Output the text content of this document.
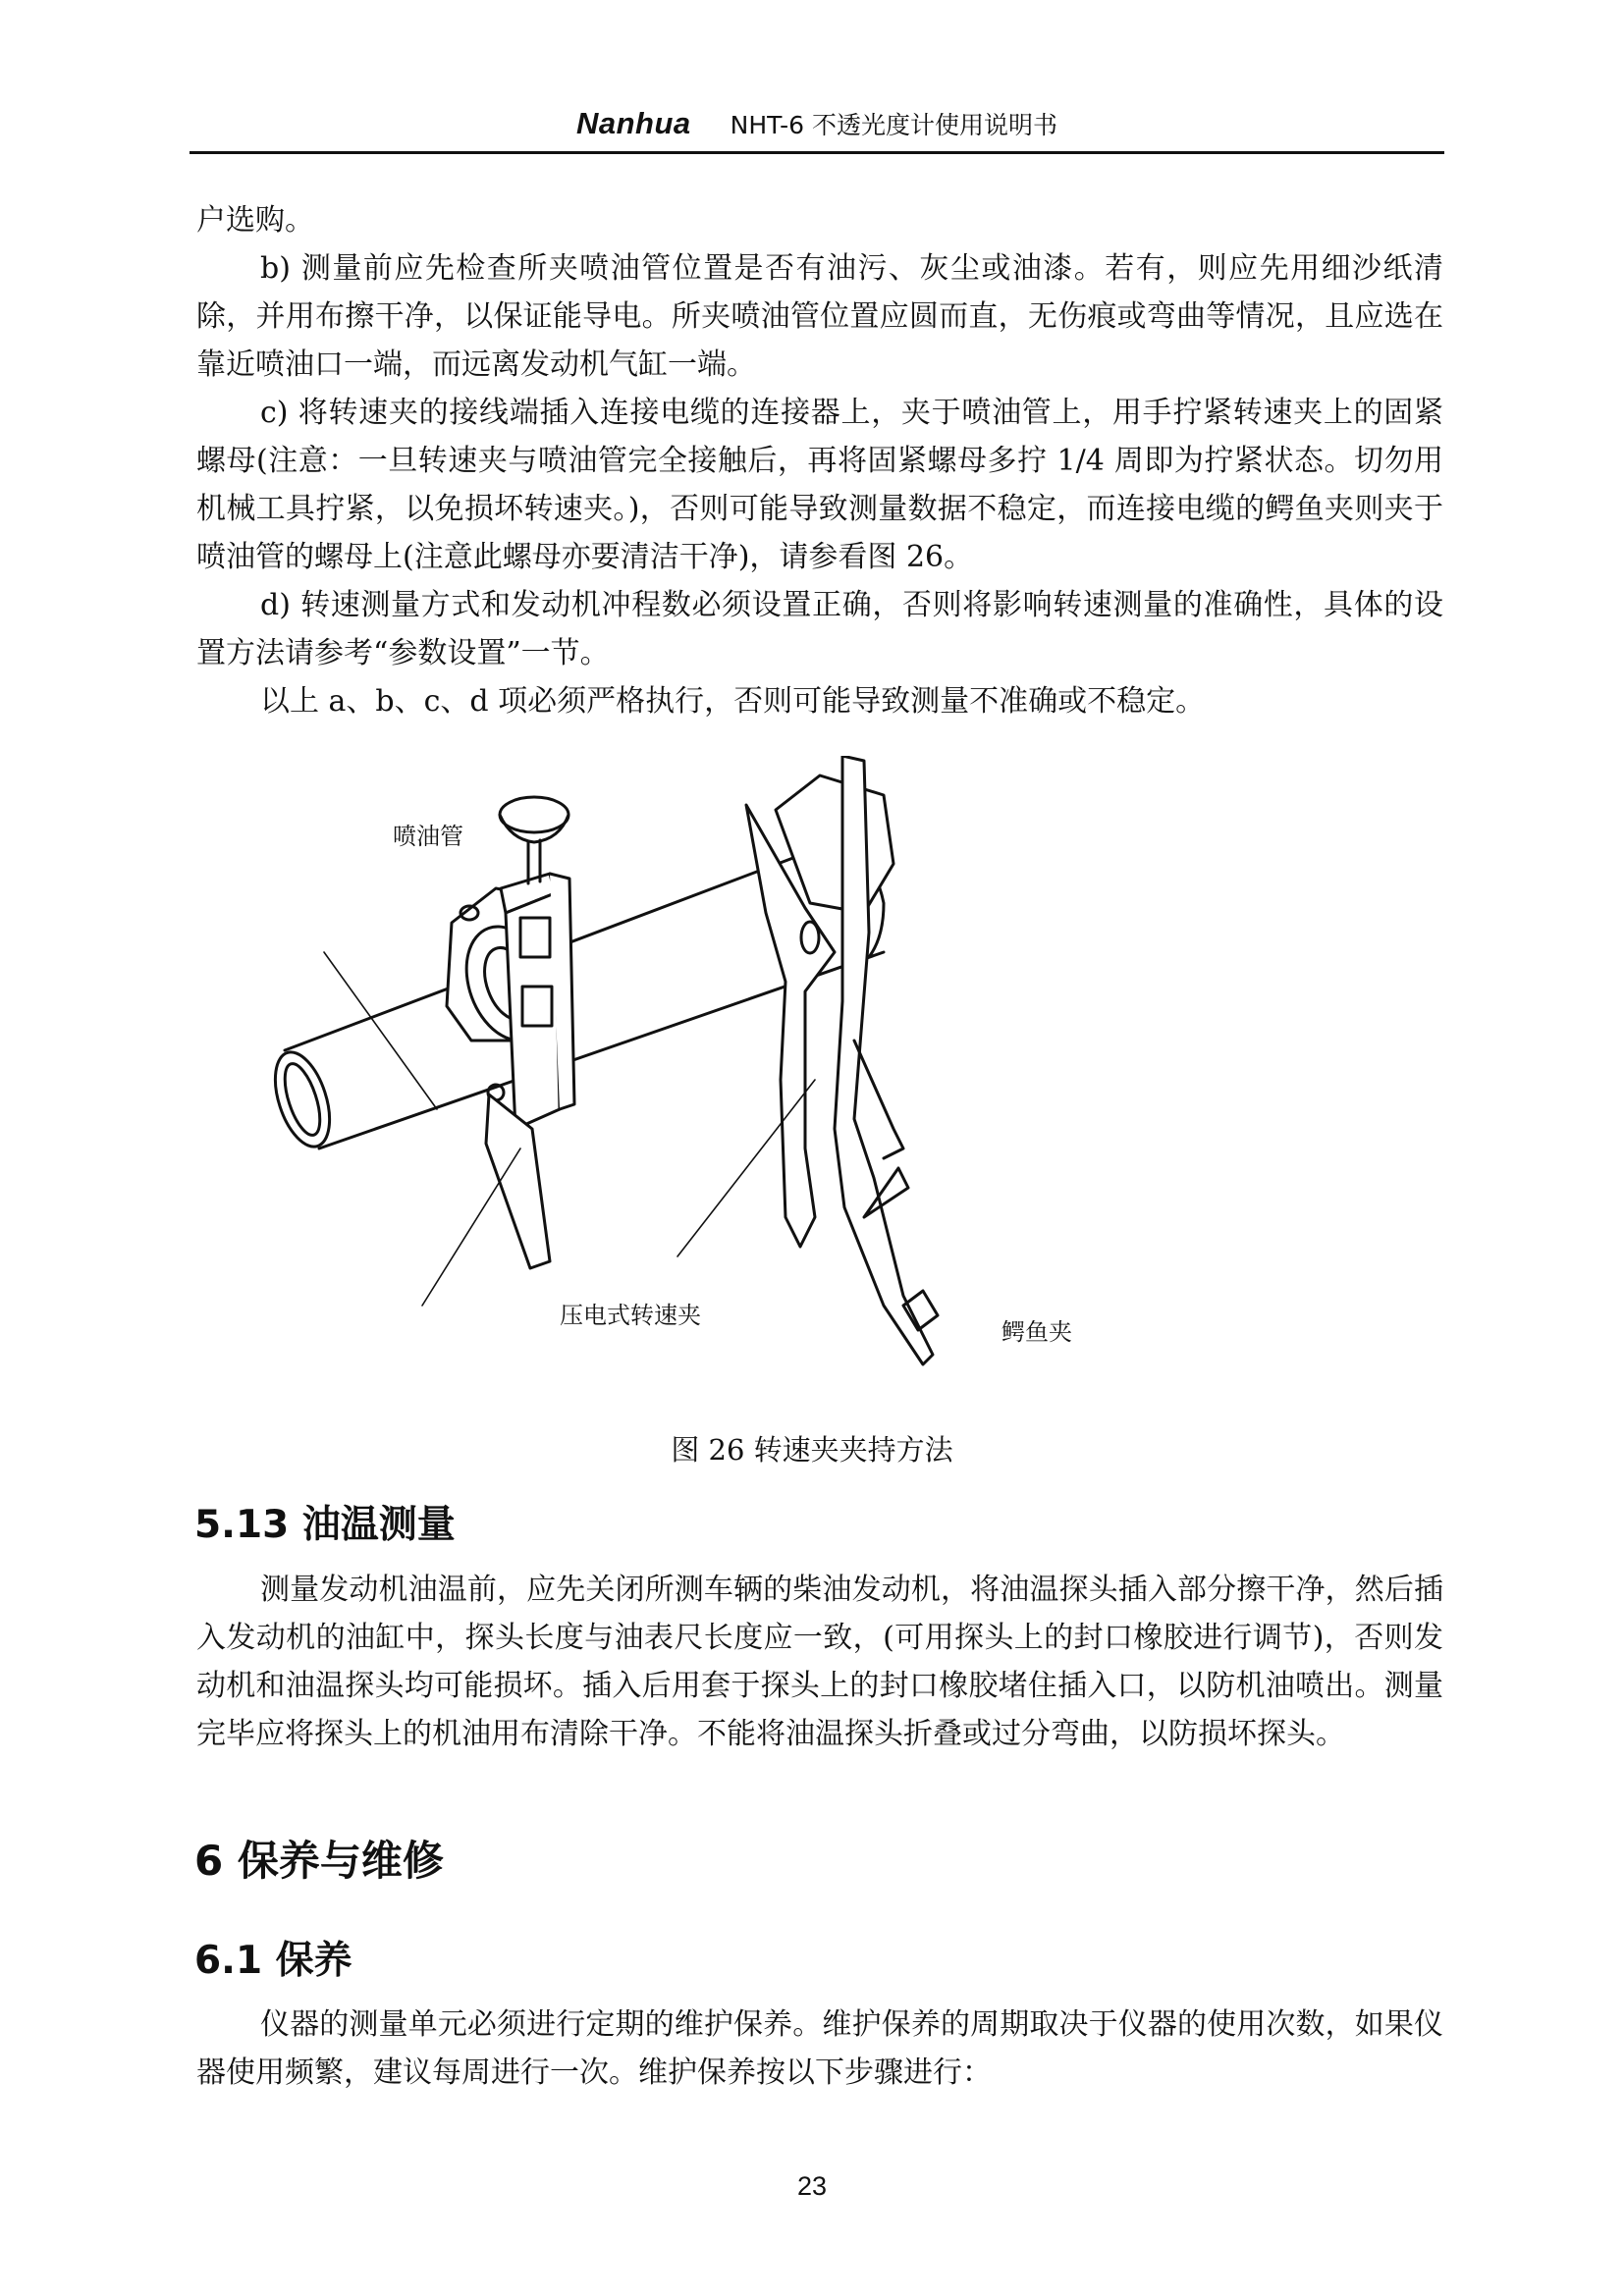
Nanhua NHT-6 不透光度计使用说明书

户选购。

b) 测量前应先检查所夹喷油管位置是否有油污、灰尘或油漆。若有，则应先用细沙纸清除，并用布擦干净，以保证能导电。所夹喷油管位置应圆而直，无伤痕或弯曲等情况，且应选在靠近喷油口一端，而远离发动机气缸一端。

c) 将转速夹的接线端插入连接电缆的连接器上，夹于喷油管上，用手拧紧转速夹上的固紧螺母(注意：一旦转速夹与喷油管完全接触后，再将固紧螺母多拧 1/4 周即为拧紧状态。切勿用机械工具拧紧，以免损坏转速夹。)，否则可能导致测量数据不稳定，而连接电缆的鳄鱼夹则夹于喷油管的螺母上(注意此螺母亦要清洁干净)，请参看图 26。

d) 转速测量方式和发动机冲程数必须设置正确，否则将影响转速测量的准确性，具体的设置方法请参考“参数设置”一节。

以上 a、b、c、d 项必须严格执行，否则可能导致测量不准确或不稳定。

喷油管
压电式转速夹
鳄鱼夹
图 26 转速夹夹持方法
5.13 油温测量

测量发动机油温前，应先关闭所测车辆的柴油发动机，将油温探头插入部分擦干净，然后插入发动机的油缸中，探头长度与油表尺长度应一致，(可用探头上的封口橡胶进行调节)，否则发动机和油温探头均可能损坏。插入后用套于探头上的封口橡胶堵住插入口，以防机油喷出。测量完毕应将探头上的机油用布清除干净。不能将油温探头折叠或过分弯曲，以防损坏探头。

6 保养与维修
6.1 保养

仪器的测量单元必须进行定期的维护保养。维护保养的周期取决于仪器的使用次数，如果仪器使用频繁，建议每周进行一次。维护保养按以下步骤进行：

23
